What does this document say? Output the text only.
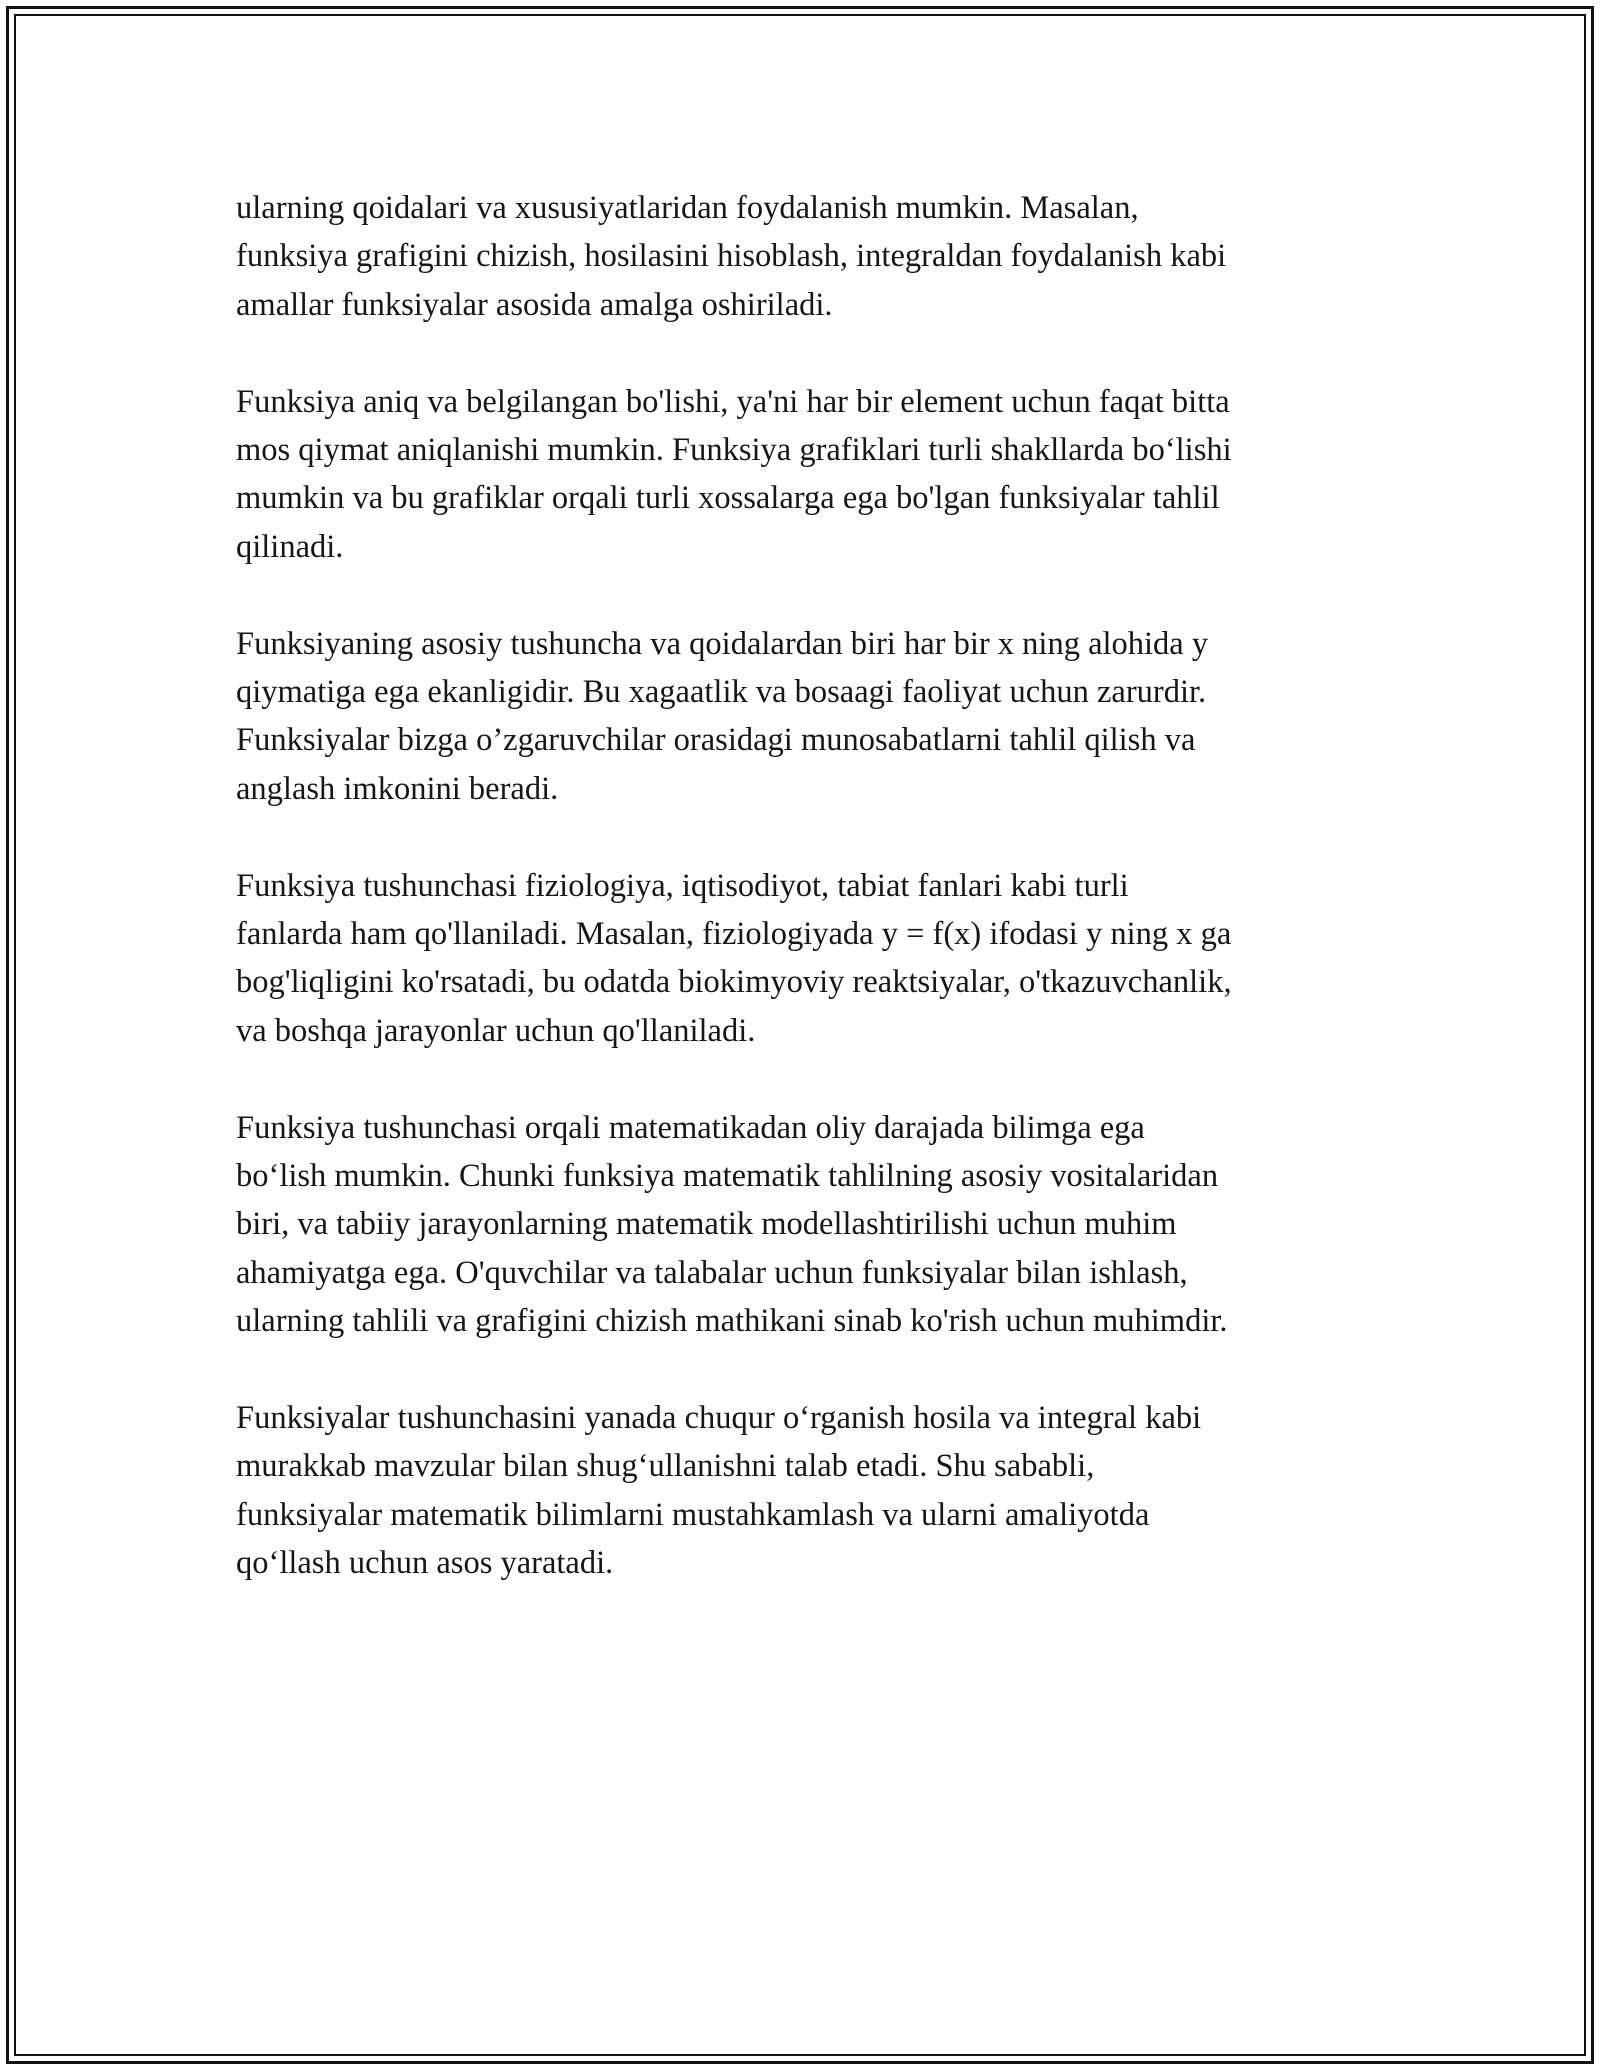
ularning qoidalari va xususiyatlaridan foydalanish mumkin. Masalan,
funksiya grafigini chizish, hosilasini hisoblash, integraldan foydalanish kabi
amallar funksiyalar asosida amalga oshiriladi.

Funksiya aniq va belgilangan bo'lishi, ya'ni har bir element uchun faqat bitta
mos qiymat aniqlanishi mumkin. Funksiya grafiklari turli shakllarda bo‘lishi
mumkin va bu grafiklar orqali turli xossalarga ega bo'lgan funksiyalar tahlil
qilinadi.

Funksiyaning asosiy tushuncha va qoidalardan biri har bir x ning alohida y
qiymatiga ega ekanligidir. Bu xagaatlik va bosaagi faoliyat uchun zarurdir.
Funksiyalar bizga o’zgaruvchilar orasidagi munosabatlarni tahlil qilish va
anglash imkonini beradi.

Funksiya tushunchasi fiziologiya, iqtisodiyot, tabiat fanlari kabi turli
fanlarda ham qo'llaniladi. Masalan, fiziologiyada y = f(x) ifodasi y ning x ga
bog'liqligini ko'rsatadi, bu odatda biokimyoviy reaktsiyalar, o'tkazuvchanlik,
va boshqa jarayonlar uchun qo'llaniladi.

Funksiya tushunchasi orqali matematikadan oliy darajada bilimga ega
bo‘lish mumkin. Chunki funksiya matematik tahlilning asosiy vositalaridan
biri, va tabiiy jarayonlarning matematik modellashtirilishi uchun muhim
ahamiyatga ega. O'quvchilar va talabalar uchun funksiyalar bilan ishlash,
ularning tahlili va grafigini chizish mathikani sinab ko'rish uchun muhimdir.

Funksiyalar tushunchasini yanada chuqur o‘rganish hosila va integral kabi
murakkab mavzular bilan shug‘ullanishni talab etadi. Shu sababli,
funksiyalar matematik bilimlarni mustahkamlash va ularni amaliyotda
qo‘llash uchun asos yaratadi.
